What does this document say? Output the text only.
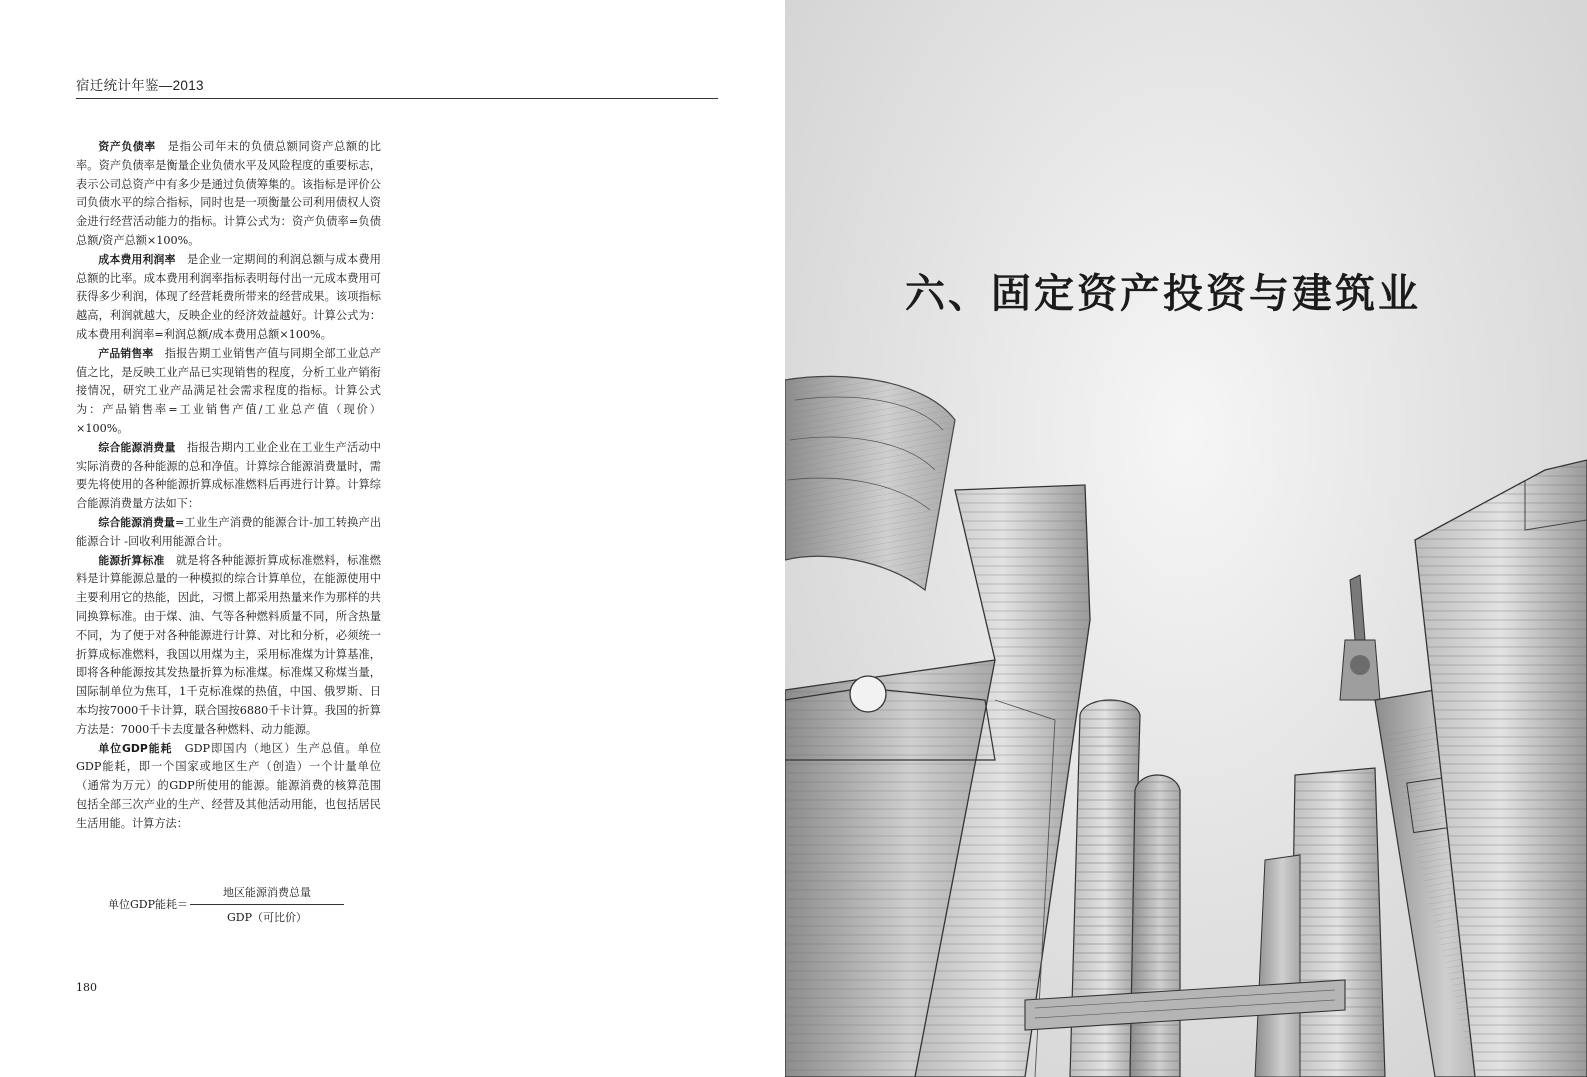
宿迁统计年鉴—2013

资产负债率　是指公司年末的负债总额同资产总额的比率。资产负债率是衡量企业负债水平及风险程度的重要标志，表示公司总资产中有多少是通过负债筹集的。该指标是评价公司负债水平的综合指标，同时也是一项衡量公司利用债权人资金进行经营活动能力的指标。计算公式为：资产负债率=负债总额/资产总额×100%。

成本费用利润率　是企业一定期间的利润总额与成本费用总额的比率。成本费用利润率指标表明每付出一元成本费用可获得多少利润，体现了经营耗费所带来的经营成果。该项指标越高，利润就越大，反映企业的经济效益越好。计算公式为：成本费用利润率=利润总额/成本费用总额×100%。

产品销售率　指报告期工业销售产值与同期全部工业总产值之比，是反映工业产品已实现销售的程度，分析工业产销衔接情况，研究工业产品满足社会需求程度的指标。计算公式为：产品销售率=工业销售产值/工业总产值（现价）×100%。

综合能源消费量　指报告期内工业企业在工业生产活动中实际消费的各种能源的总和净值。计算综合能源消费量时，需要先将使用的各种能源折算成标准燃料后再进行计算。计算综合能源消费量方法如下：

综合能源消费量=工业生产消费的能源合计-加工转换产出能源合计 -回收利用能源合计。

能源折算标准　就是将各种能源折算成标准燃料，标准燃料是计算能源总量的一种模拟的综合计算单位，在能源使用中主要利用它的热能，因此，习惯上都采用热量来作为那样的共同换算标准。由于煤、油、气等各种燃料质量不同，所含热量不同，为了便于对各种能源进行计算、对比和分析，必须统一折算成标准燃料，我国以用煤为主，采用标准煤为计算基准，即将各种能源按其发热量折算为标准煤。标准煤又称煤当量，国际制单位为焦耳，1千克标准煤的热值，中国、俄罗斯、日本均按7000千卡计算，联合国按6880千卡计算。我国的折算方法是：7000千卡去度量各种燃料、动力能源。

单位GDP能耗　GDP即国内（地区）生产总值。单位GDP能耗，即一个国家或地区生产（创造）一个计量单位（通常为万元）的GDP所使用的能源。能源消费的核算范围包括全部三次产业的生产、经营及其他活动用能，也包括居民生活用能。计算方法：

单位GDP能耗＝
地区能源消费总量
GDP（可比价）
180
六、固定资产投资与建筑业
